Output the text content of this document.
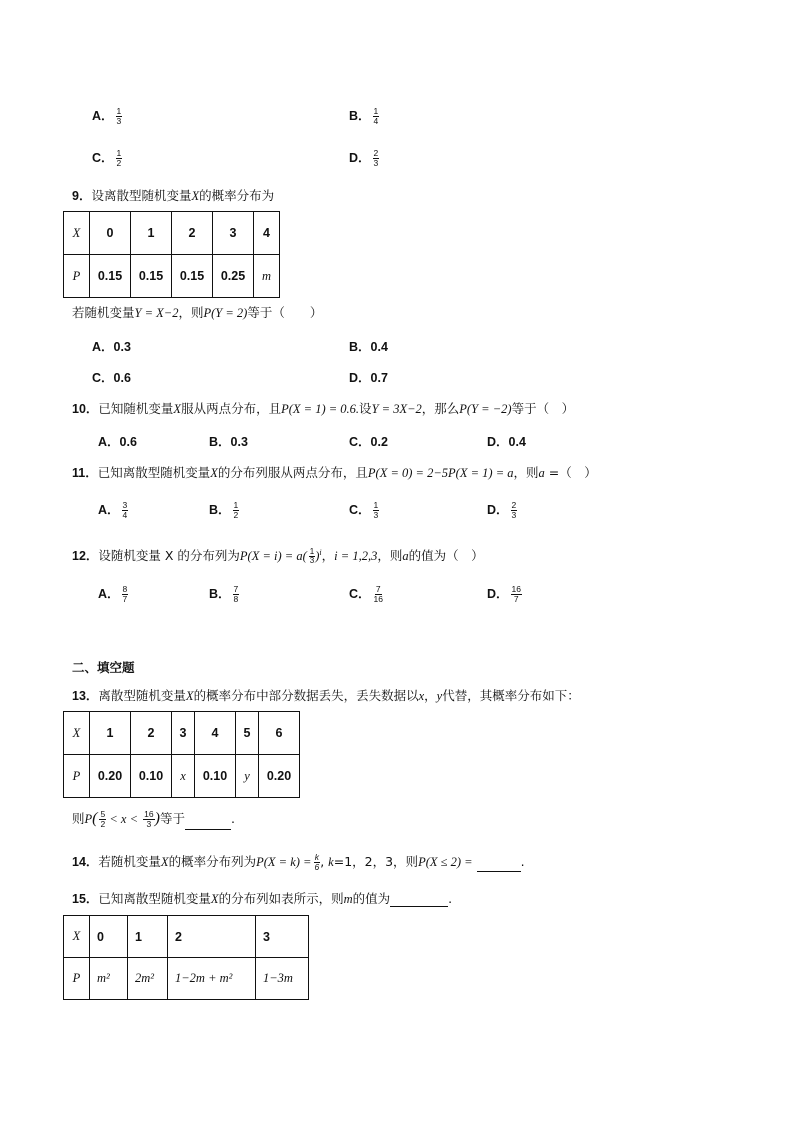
A． $\frac{1}{3}$	B． $\frac{1}{4}$
C． $\frac{1}{2}$	D． $\frac{2}{3}$
9．设离散型随机变量X的概率分布为
X	0	1	2	3	4
P	0.15	0.15	0.15	0.25	m
若随机变量Y = X−2，则P(Y = 2)等于（　　）
A．0.3	B．0.4
C．0.6	D．0.7
10．已知随机变量X服从两点分布，且P(X = 1) = 0.6.设Y = 3X−2，那么P(Y = −2)等于（　）
A．0.6	B．0.3	C．0.2	D．0.4
11．已知离散型随机变量X的分布列服从两点分布，且P(X = 0) = 2−5P(X = 1) = a，则a =（　）
A． $\frac{3}{4}$	B． $\frac{1}{2}$	C． $\frac{1}{3}$	D． $\frac{2}{3}$
12．设随机变量 X 的分布列为$P(X = i) = a( \frac{1}{3} )^i$，i = 1,2,3，则a的值为（　）
A． $\frac{8}{7}$	B． $\frac{7}{8}$	C． $\frac{7}{16}$	D． $\frac{16}{7}$
二、填空题
13．离散型随机变量X的概率分布中部分数据丢失，丢失数据以x，y代替，其概率分布如下：
X	1	2	3	4	5	6
P	0.20	0.10	x	0.10	y	0.20
则$P( \frac{5}{2} < x < \frac{16}{3}$ )等于	.
14．若随机变量X的概率分布列为$P(X = k) = \frac{k}{6}$ , k=1，2，3，则P(X ≤ 2) =	.
15．已知离散型随机变量X的分布列如表所示，则m的值为	.
X	0	1	2	3
P	m²	2m²	1−2m + m²	1−3m
